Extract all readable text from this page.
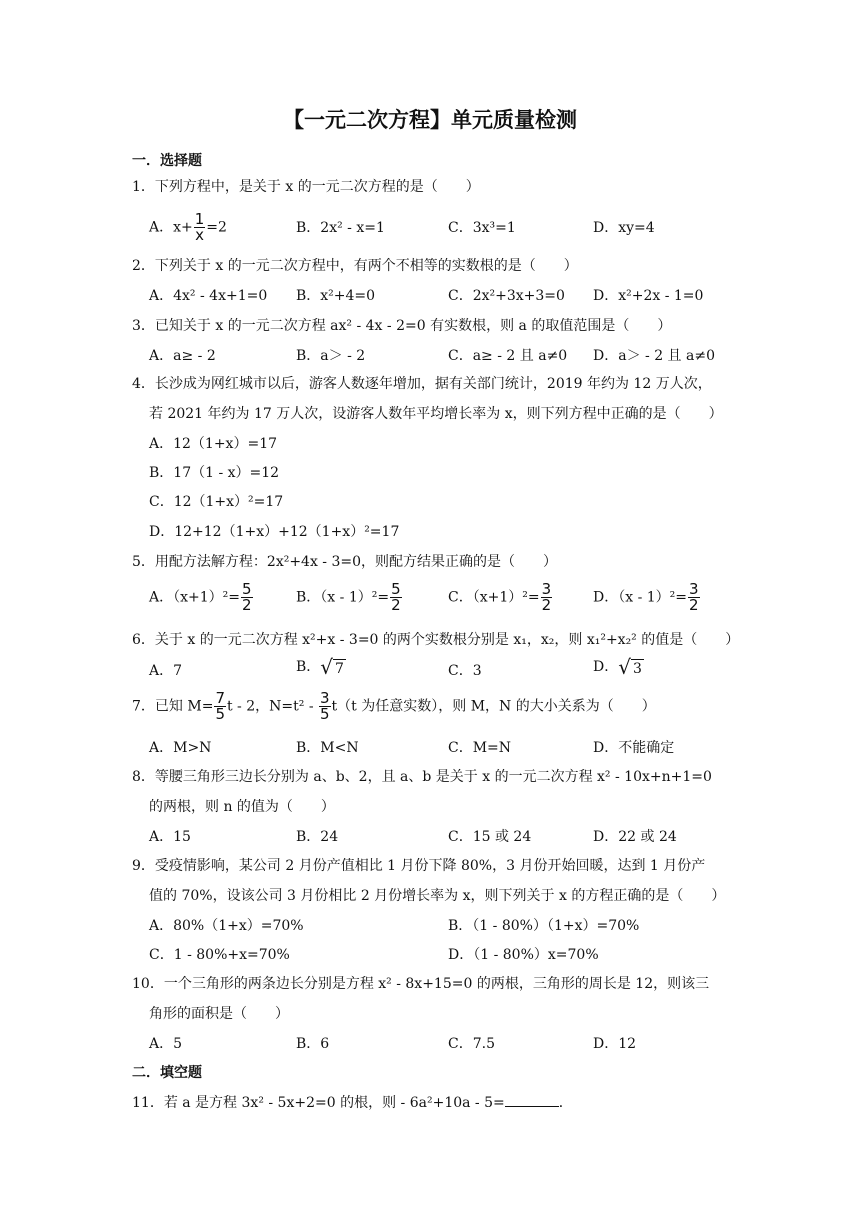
【一元二次方程】单元质量检测
一．选择题
1．下列方程中，是关于 x 的一元二次方程的是（　　）
A．$x+ \frac{1}{x} =2$	B．2x² - x=1	C．3x³=1	D．xy=4
2．下列关于 x 的一元二次方程中，有两个不相等的实数根的是（　　）
A．4x² - 4x+1=0 B．x²+4=0	C．2x²+3x+3=0 D．x²+2x - 1=0
3．已知关于 x 的一元二次方程 ax² - 4x - 2=0 有实数根，则 a 的取值范围是（　　）
A．a≥ - 2	B．a＞ - 2	C．a≥ - 2 且 a≠0 D．a＞ - 2 且 a≠0
4．长沙成为网红城市以后，游客人数逐年增加，据有关部门统计，2019 年约为 12 万人次，
若 2021 年约为 17 万人次，设游客人数年平均增长率为 x，则下列方程中正确的是（　　）
A．12（1+x）=17
B．17（1 - x）=12
C．12（1+x）²=17
D．12+12（1+x）+12（1+x）²=17
5．用配方法解方程：2x²+4x - 3=0，则配方结果正确的是（　　）
A．$(x+1)^2= \frac{5}{2}$	B．$(x - 1)^2= \frac{5}{2}$	C．$(x+1)^2= \frac{3}{2}$	D．$(x - 1)^2= \frac{3}{2}$
6．关于 x 的一元二次方程 x²+x - 3=0 的两个实数根分别是 x₁，x₂，则 x₁²+x₂² 的值是（　　）
A．7	B． √ 7	C．3	D． √ 3
7．已知 $M= \frac{7}{5}$ t - 2，$N=t^2 - \frac{3}{5} t(t$ 为任意实数），则 M，N 的大小关系为（　　）
A．M>N	B．M<N	C．M=N	D．不能确定
8．等腰三角形三边长分别为 a、b、2，且 a、b 是关于 x 的一元二次方程 x² - 10x+n+1=0
的两根，则 n 的值为（　　）
A．15	B．24	C．15 或 24	D．22 或 24
9．受疫情影响，某公司 2 月份产值相比 1 月份下降 80%，3 月份开始回暖，达到 1 月份产
值的 70%，设该公司 3 月份相比 2 月份增长率为 x，则下列关于 x 的方程正确的是（　　）
A．80%（1+x）=70%	B．（1 - 80%）（1+x）=70%
C．1 - 80%+x=70%	D．（1 - 80%）x=70%
10．一个三角形的两条边长分别是方程 x² - 8x+15=0 的两根，三角形的周长是 12，则该三
角形的面积是（　　）
A．5	B．6	C．7.5	D．12
二．填空题
11．若 a 是方程 3x² - 5x+2=0 的根，则 - 6a²+10a - 5=	．
